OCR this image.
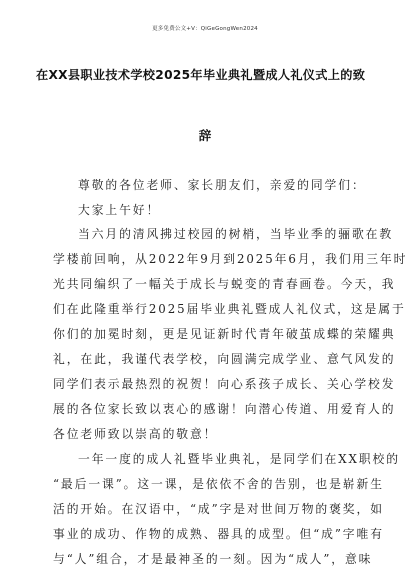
更多免费公文+V：QiGeGongWen2024
在XX县职业技术学校2025年毕业典礼暨成人礼仪式上的致
辞
尊敬的各位老师、家长朋友们，亲爱的同学们：
大家上午好！
当六月的清风拂过校园的树梢，当毕业季的骊歌在教
学楼前回响，从2022年9月到2025年6月，我们用三年时
光共同编织了一幅关于成长与蜕变的青春画卷。今天，我
们在此隆重举行2025届毕业典礼暨成人礼仪式，这是属于
你们的加冕时刻，更是见证新时代青年破茧成蝶的荣耀典
礼，在此，我谨代表学校，向圆满完成学业、意气风发的
同学们表示最热烈的祝贺！向心系孩子成长、关心学校发
展的各位家长致以衷心的感谢！向潜心传道、用爱育人的
各位老师致以崇高的敬意！
一年一度的成人礼暨毕业典礼，是同学们在XX职校的
“最后一课”。这一课，是依依不舍的告别，也是崭新生
活的开始。在汉语中，“成”字是对世间万物的褒奖，如
事业的成功、作物的成熟、器具的成型。但“成”字唯有
与“人”组合，才是最神圣的一刻。因为“成人”，意味
